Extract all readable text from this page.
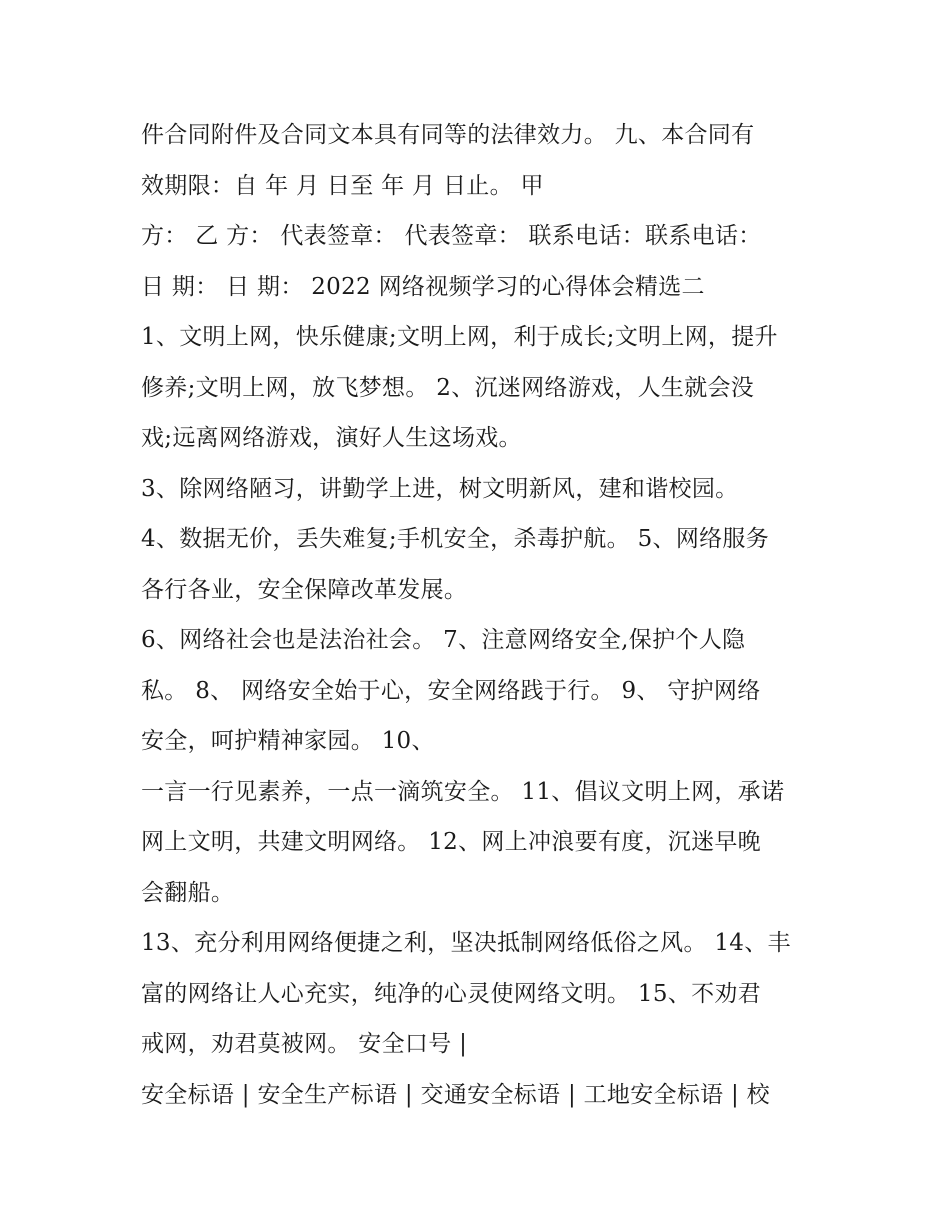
件合同附件及合同文本具有同等的法律效力。 九、本合同有
效期限：自 年 月 日至 年 月 日止。 甲
方： 乙 方： 代表签章： 代表签章： 联系电话：联系电话：
日 期： 日 期： 2022 网络视频学习的心得体会精选二
1、文明上网，快乐健康;文明上网，利于成长;文明上网，提升
修养;文明上网，放飞梦想。 2、沉迷网络游戏，人生就会没
戏;远离网络游戏，演好人生这场戏。
3、除网络陋习，讲勤学上进，树文明新风，建和谐校园。
4、数据无价，丢失难复;手机安全，杀毒护航。 5、网络服务
各行各业，安全保障改革发展。
6、网络社会也是法治社会。 7、注意网络安全,保护个人隐
私。 8、 网络安全始于心，安全网络践于行。 9、 守护网络
安全，呵护精神家园。 10、
一言一行见素养，一点一滴筑安全。 11、倡议文明上网，承诺
网上文明，共建文明网络。 12、网上冲浪要有度，沉迷早晚
会翻船。
13、充分利用网络便捷之利，坚决抵制网络低俗之风。 14、丰
富的网络让人心充实，纯净的心灵使网络文明。 15、不劝君
戒网，劝君莫被网。 安全口号 |
安全标语 | 安全生产标语 | 交通安全标语 | 工地安全标语 | 校
